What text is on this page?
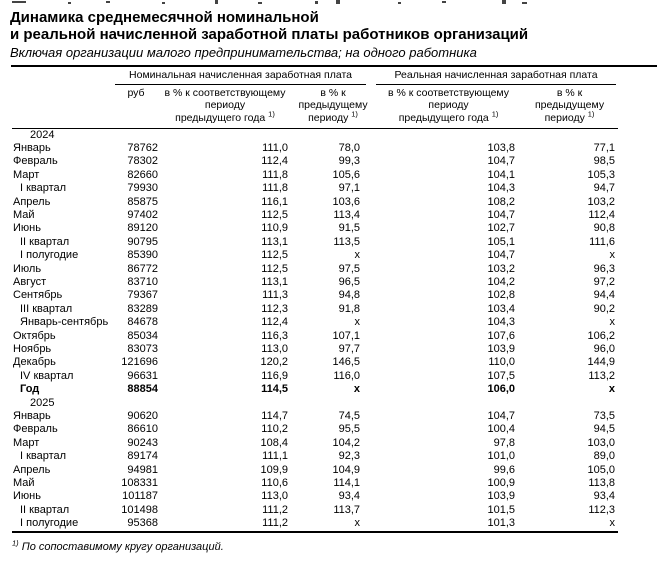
Динамика среднемесячной номинальной
и реальной начисленной заработной платы работников организаций
Включая организации малого предпринимательства; на одного работника

	Номинальная начисленная заработная плата			Реальная начисленная заработная плата	

	руб	в % к соответствующему
периоду
предыдущего года $^{1)}$	в % к
предыдущему
периоду $^{1)}$	в % к соответствующему
периоду
предыдущего года $^{1)}$	в % к
предыдущему
периоду $^{1)}$
2024					
Январь	78762	111,0	78,0	103,8	77,1
Февраль	78302	112,4	99,3	104,7	98,5
Март	82660	111,8	105,6	104,1	105,3
I квартал	79930	111,8	97,1	104,3	94,7
Апрель	85875	116,1	103,6	108,2	103,2
Май	97402	112,5	113,4	104,7	112,4
Июнь	89120	110,9	91,5	102,7	90,8
II квартал	90795	113,1	113,5	105,1	111,6
I полугодие	85390	112,5	х	104,7	х
Июль	86772	112,5	97,5	103,2	96,3
Август	83710	113,1	96,5	104,2	97,2
Сентябрь	79367	111,3	94,8	102,8	94,4
III квартал	83289	112,3	91,8	103,4	90,2
Январь-сентябрь	84678	112,4	х	104,3	х
Октябрь	85034	116,3	107,1	107,6	106,2
Ноябрь	83073	113,0	97,7	103,9	96,0
Декабрь	121696	120,2	146,5	110,0	144,9
IV квартал	96631	116,9	116,0	107,5	113,2
Год	88854	114,5	х	106,0	х
2025					
Январь	90620	114,7	74,5	104,7	73,5
Февраль	86610	110,2	95,5	100,4	94,5
Март	90243	108,4	104,2	97,8	103,0
I квартал	89174	111,1	92,3	101,0	89,0
Апрель	94981	109,9	104,9	99,6	105,0
Май	108331	110,6	114,1	100,9	113,8
Июнь	101187	113,0	93,4	103,9	93,4
II квартал	101498	111,2	113,7	101,5	112,3
I полугодие	95368	111,2	х	101,3	х
$^{1)}$ По сопоставимому кругу организаций.
